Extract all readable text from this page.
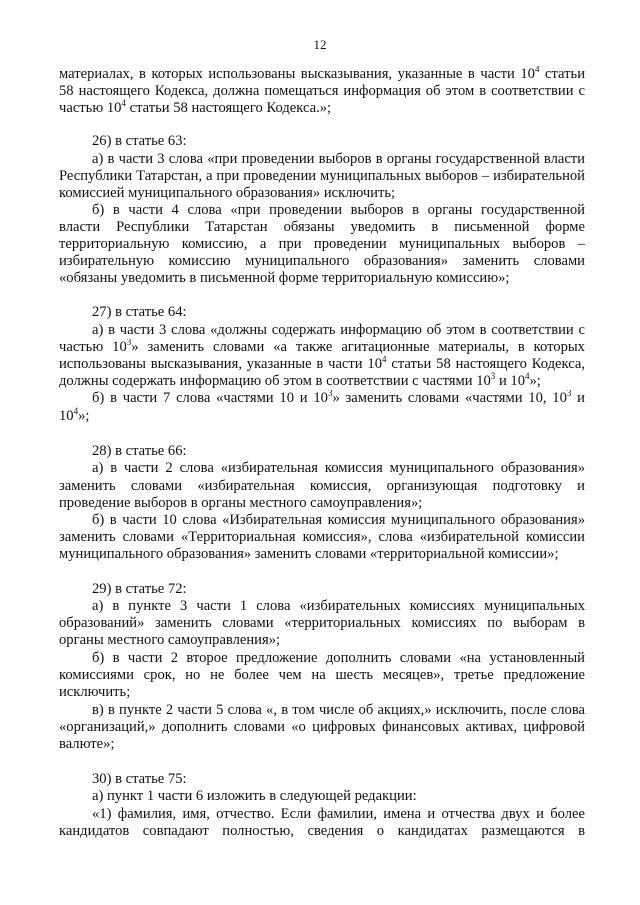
12
материалах, в которых использованы высказывания, указанные в части $10^4$ статьи
58 настоящего Кодекса, должна помещаться информация об этом в соответствии с
частью $10^4$ статьи 58 настоящего Кодекса.»;
26) в статье 63:
а) в части 3 слова «при проведении выборов в органы государственной власти
Республики Татарстан, а при проведении муниципальных выборов – избирательной
комиссией муниципального образования» исключить;
б) в части 4 слова «при проведении выборов в органы государственной
власти Республики Татарстан обязаны уведомить в письменной форме
территориальную комиссию, а при проведении муниципальных выборов –
избирательную комиссию муниципального образования» заменить словами
«обязаны уведомить в письменной форме территориальную комиссию»;
27) в статье 64:
а) в части 3 слова «должны содержать информацию об этом в соответствии с
частью $10^3$» заменить словами «а также агитационные материалы, в которых
использованы высказывания, указанные в части $10^4$ статьи 58 настоящего Кодекса,
должны содержать информацию об этом в соответствии с частями $10^3$ и $10^4$»;
б) в части 7 слова «частями 10 и $10^3$» заменить словами «частями 10, $10^3$ и
$10^4$»;
28) в статье 66:
а) в части 2 слова «избирательная комиссия муниципального образования»
заменить словами «избирательная комиссия, организующая подготовку и
проведение выборов в органы местного самоуправления»;
б) в части 10 слова «Избирательная комиссия муниципального образования»
заменить словами «Территориальная комиссия», слова «избирательной комиссии
муниципального образования» заменить словами «территориальной комиссии»;
29) в статье 72:
а) в пункте 3 части 1 слова «избирательных комиссиях муниципальных
образований» заменить словами «территориальных комиссиях по выборам в
органы местного самоуправления»;
б) в части 2 второе предложение дополнить словами «на установленный
комиссиями срок, но не более чем на шесть месяцев», третье предложение
исключить;
в) в пункте 2 части 5 слова «, в том числе об акциях,» исключить, после слова
«организаций,» дополнить словами «о цифровых финансовых активах, цифровой
валюте»;
30) в статье 75:
а) пункт 1 части 6 изложить в следующей редакции:
«1) фамилия, имя, отчество. Если фамилии, имена и отчества двух и более
кандидатов совпадают полностью, сведения о кандидатах размещаются в
